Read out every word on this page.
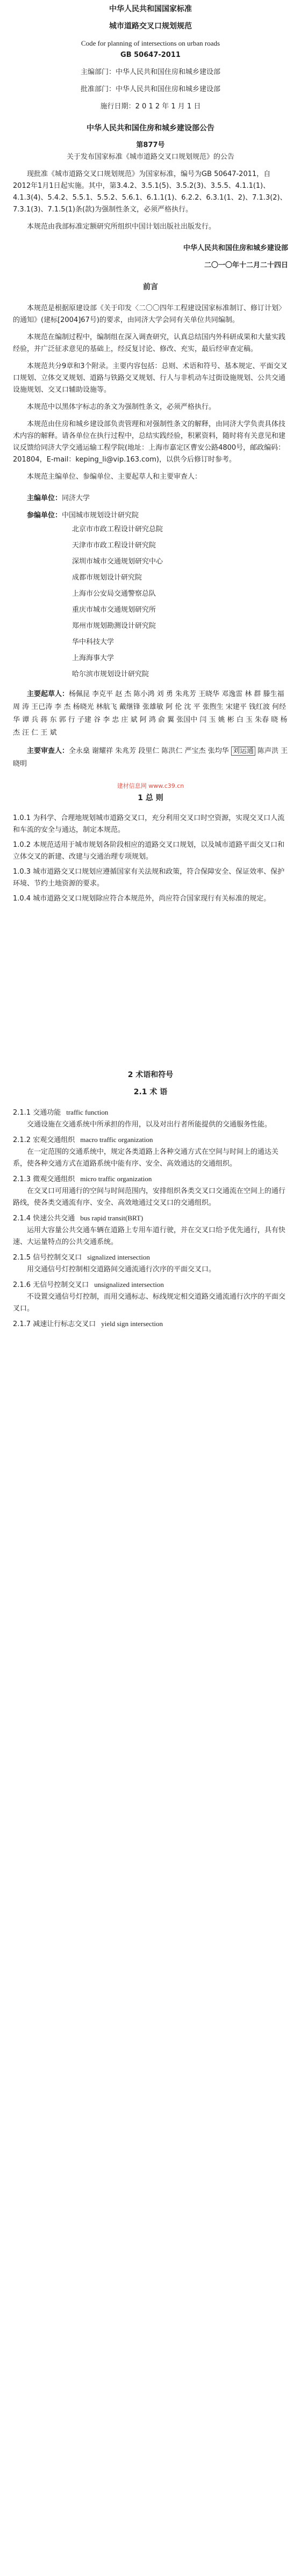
中华人民共和国国家标准

城市道路交叉口规划规范

Code for planning of intersections on urban roads

GB 50647-2011

主编部门：中华人民共和国住房和城乡建设部

批准部门：中华人民共和国住房和城乡建设部

施行日期：2 0 1 2 年 1 月 1 日

中华人民共和国住房和城乡建设部公告

第877号

关于发布国家标准《城市道路交叉口规划规范》的公告

现批准《城市道路交叉口规划规范》为国家标准，编号为GB 50647-2011，自2012年1月1日起实施。其中，第3.4.2、3.5.1(5)、3.5.2(3)、3.5.5、4.1.1(1)、4.1.3(4)、5.4.2、5.5.1、5.5.2、5.6.1、6.1.1(1)、6.2.2、6.3.1(1、2)、7.1.3(2)、7.3.1(3)、7.1.5(1)条(款)为强制性条文，必须严格执行。

本规范由我部标准定额研究所组织中国计划出版社出版发行。

中华人民共和国住房和城乡建设部

二〇一〇年十二月二十四日

前言

本规范是根据原建设部《关于印发〈二〇〇四年工程建设国家标准制订、修订计划〉的通知》(建标[2004]67号)的要求，由同济大学会同有关单位共同编制。

本规范在编制过程中，编制组在深入调查研究，认真总结国内外科研成果和大量实践经验，并广泛征求意见的基础上，经反复讨论、修改、充实，最后经审查定稿。

本规范共分9章和3个附录。主要内容包括：总则、术语和符号、基本规定、平面交叉口规划、立体交叉规划、道路与铁路交叉规划、行人与非机动车过街设施规划、公共交通设施规划、交叉口辅助设施等。

本规范中以黑体字标志的条文为强制性条文，必须严格执行。

本规范由住房和城乡建设部负责管理和对强制性条文的解释，由同济大学负责具体技术内容的解释。请各单位在执行过程中，总结实践经验，积累资料，随时将有关意见和建议反馈给同济大学交通运输工程学院(地址：上海市嘉定区曹安公路4800号，邮政编码：201804，E-mail：keping_li@vip.163.com)，以供今后修订时参考。

本规范主编单位、参编单位、主要起草人和主要审查人：

主编单位：同济大学

参编单位：中国城市规划设计研究院

北京市市政工程设计研究总院
天津市市政工程设计研究院
深圳市城市交通规划研究中心
成都市规划设计研究院
上海市公安局交通警察总队
重庆市城市交通规划研究所
郑州市规划勘测设计研究院
华中科技大学
上海海事大学
哈尔滨市规划设计研究院

主要起草人：杨佩昆 李克平 赵 杰 陈小鸿 刘 勇 朱兆芳 王晓华 邓逸雷 林 群 滕生福 周 涛 王已涛 李 杰 杨晓光 林航飞 戴继锋 张雄敏 阿 伦 沈 平 张煦生 宋建平 钱红波 何经华 谭 兵 蒋 东 郭 行 子建 谷 李 忠 庄 斌 阿 鸿 俞 翼 张国中 闫 玉 姚 彬 白 玉 朱春 晓 杨 杰 汪 仁 王 斌

主要审查人：全永燊 谢耀祥 朱兆芳 段里仁 陈洪仁 严宝杰 张均华 刘运通 陈声洪 王晓明

建材信息网 www.c39.cn

1 总 则

1.0.1 为科学、合理地规划城市道路交叉口，充分利用交叉口时空资源，实现交叉口人流和车流的安全与通达，制定本规范。

1.0.2 本规范适用于城市规划各阶段相应的道路交叉口规划，以及城市道路平面交叉口和立体交叉的新建、改建与交通治理专项规划。

1.0.3 城市道路交叉口规划应遵循国家有关法规和政策，符合保障安全、保证效率、保护环境、节约土地资源的要求。

1.0.4 城市道路交叉口规划除应符合本规范外，尚应符合国家现行有关标准的规定。

2 术语和符号

2.1 术 语

2.1.1 交通功能 traffic function

交通设施在交通系统中所承担的作用，以及对出行者所能提供的交通服务性能。

2.1.2 宏观交通组织 macro traffic organization

在一定范围的交通系统中，规定各类道路上各种交通方式在空间与时间上的通达关系，使各种交通方式在道路系统中能有序、安全、高效通达的交通组织。

2.1.3 微观交通组织 micro traffic organization

在交叉口可用通行的空间与时间范围内，安排组织各类交叉口交通流在空间上的通行路线，使各类交通流有序、安全、高效地通过交叉口的交通组织。

2.1.4 快速公共交通 bus rapid transit(BRT)

运用大容量公共交通车辆在道路上专用车道行驶，并在交叉口给予优先通行，具有快速、大运量特点的公共交通系统。

2.1.5 信号控制交叉口 signalized intersection

用交通信号灯控制相交道路间交通流通行次序的平面交叉口。

2.1.6 无信号控制交叉口 unsignalized intersection

不设置交通信号灯控制，而用交通标志、标线规定相交道路交通流通行次序的平面交叉口。

2.1.7 减速让行标志交叉口 yield sign intersection
